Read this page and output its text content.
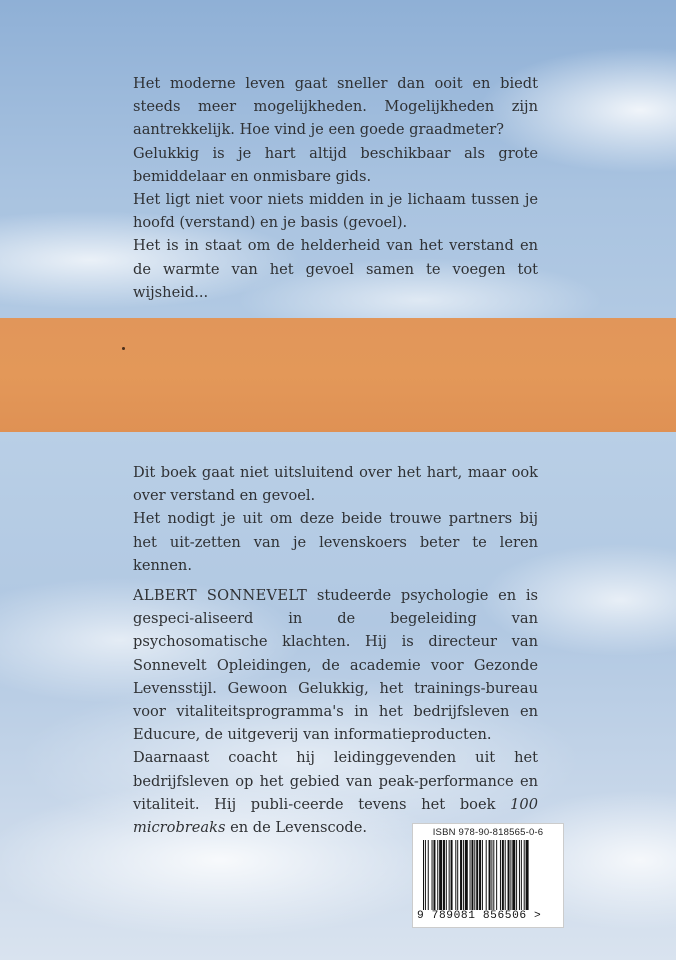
Het moderne leven gaat sneller dan ooit en biedt steeds meer mogelijkheden. Mogelijkheden zijn aantrekkelijk. Hoe vind je een goede graadmeter?

Gelukkig is je hart altijd beschikbaar als grote bemiddelaar en onmisbare gids.

Het ligt niet voor niets midden in je lichaam tussen je hoofd (verstand) en je basis (gevoel).

Het is in staat om de helderheid van het verstand en de warmte van het gevoel samen te voegen tot wijsheid...

Dit boek gaat niet uitsluitend over het hart, maar ook over verstand en gevoel.

Het nodigt je uit om deze beide trouwe partners bij het uit-zetten van je levenskoers beter te leren kennen.

ALBERT SONNEVELT studeerde psychologie en is gespeci-aliseerd in de begeleiding van psychosomatische klachten. Hij is directeur van Sonnevelt Opleidingen, de academie voor Gezonde Levensstijl. Gewoon Gelukkig, het trainings-bureau voor vitaliteitsprogramma's in het bedrijfsleven en Educure, de uitgeverij van informatieproducten.

Daarnaast coacht hij leidinggevenden uit het bedrijfsleven op het gebied van peak-performance en vitaliteit. Hij publi-ceerde tevens het boek 100 microbreaks en de Levenscode.	ISBN 978-90-818565-0-6
9 789081 856506 >
